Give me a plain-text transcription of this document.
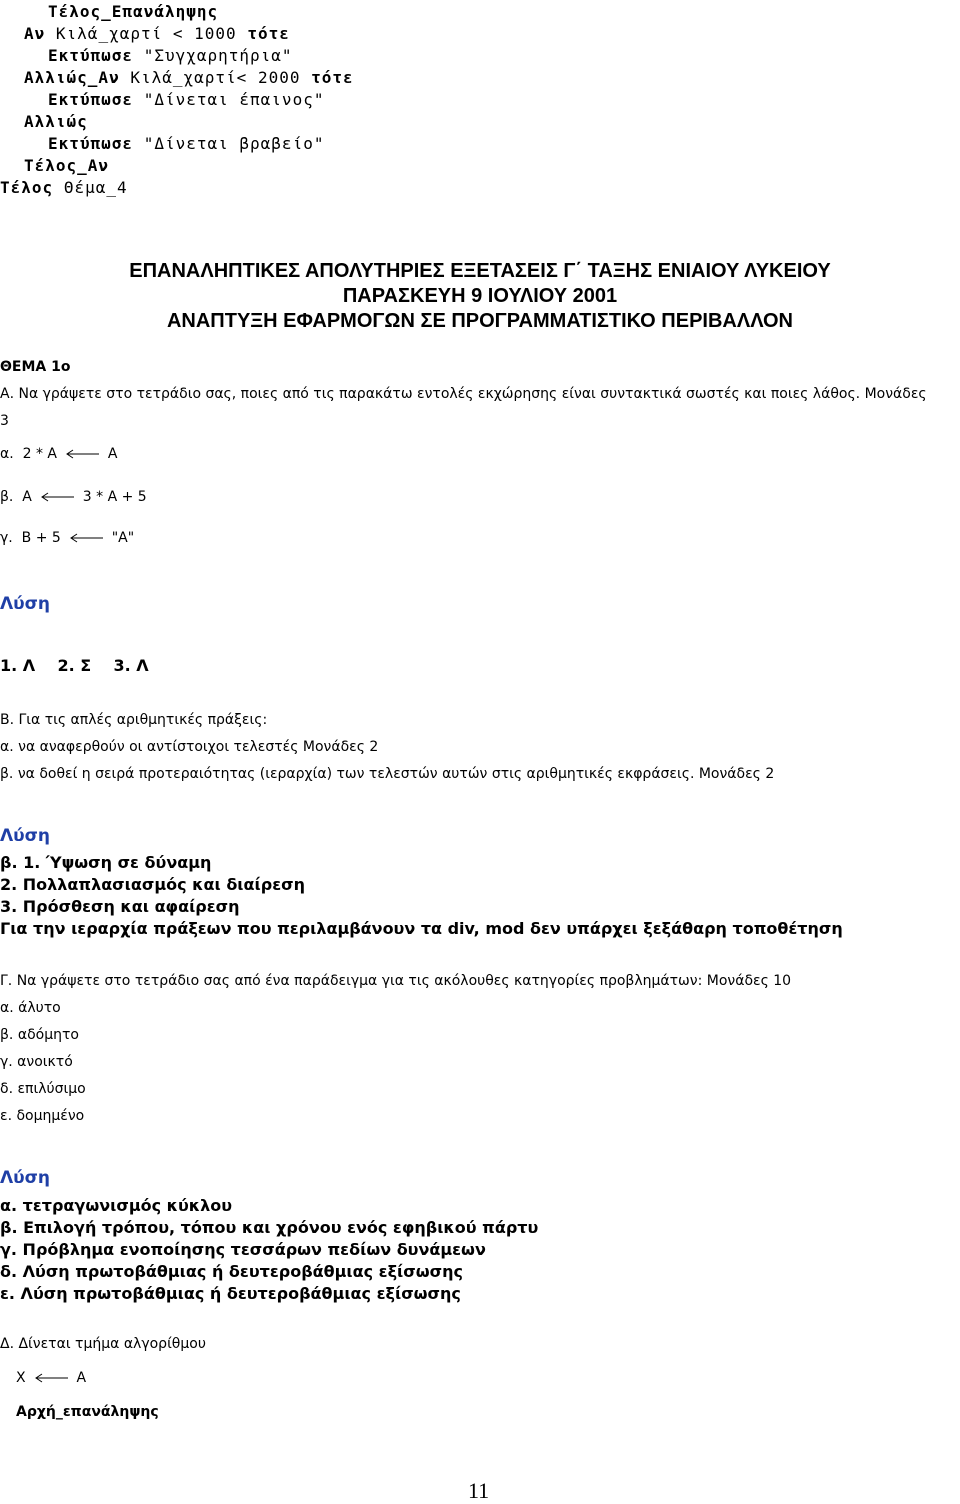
Τέλος_Επανάληψης
Αν Κιλά_χαρτί < 1000 τότε
Εκτύπωσε "Συγχαρητήρια"
Αλλιώς_Αν Κιλά_χαρτί< 2000 τότε
Εκτύπωσε "Δίνεται έπαινος"
Αλλιώς
Εκτύπωσε "Δίνεται βραβείο"
Τέλος_Αν
Τέλος Θέμα_4
ΕΠΑΝΑΛΗΠΤΙΚΕΣ ΑΠΟΛΥΤΗΡΙΕΣ ΕΞΕΤΑΣΕΙΣ Γ΄ ΤΑΞΗΣ ΕΝΙΑΙΟΥ ΛΥΚΕΙΟΥ
ΠΑΡΑΣΚΕΥΗ 9 ΙΟΥΛΙΟΥ 2001
ΑΝΑΠΤΥΞΗ ΕΦΑΡΜΟΓΩΝ ΣΕ ΠΡΟΓΡΑΜΜΑΤΙΣΤΙΚΟ ΠΕΡΙΒΑΛΛΟΝ
ΘΕΜΑ 1ο
Α. Να γράψετε στο τετράδιο σας, ποιες από τις παρακάτω εντολές εκχώρησης είναι συντακτικά σωστές και ποιες λάθος. Μονάδες
3
α. 2 * Α	Α
β. Α	3 * Α + 5
γ. Β + 5	"Α"
Λύση
1. Λ    2. Σ    3. Λ
Β. Για τις απλές αριθμητικές πράξεις:
α. να αναφερθούν οι αντίστοιχοι τελεστές Μονάδες 2
β. να δοθεί η σειρά προτεραιότητας (ιεραρχία) των τελεστών αυτών στις αριθμητικές εκφράσεις. Μονάδες 2
Λύση
β. 1. Ύψωση σε δύναμη
2. Πολλαπλασιασμός και διαίρεση
3. Πρόσθεση και αφαίρεση
Για την ιεραρχία πράξεων που περιλαμβάνουν τα div, mod δεν υπάρχει ξεξάθαρη τοποθέτηση
Γ. Να γράψετε στο τετράδιο σας από ένα παράδειγμα για τις ακόλουθες κατηγορίες προβλημάτων: Μονάδες 10
α. άλυτο
β. αδόμητο
γ. ανοικτό
δ. επιλύσιμο
ε. δομημένο
Λύση
α. τετραγωνισμός κύκλου
β. Επιλογή τρόπου, τόπου και χρόνου ενός εφηβικού πάρτυ
γ. Πρόβλημα ενοποίησης τεσσάρων πεδίων δυνάμεων
δ. Λύση πρωτοβάθμιας ή δευτεροβάθμιας εξίσωσης
ε. Λύση πρωτοβάθμιας ή δευτεροβάθμιας εξίσωσης
Δ. Δίνεται τμήμα αλγορίθμου
Χ	Α
Αρχή_επανάληψης
11
